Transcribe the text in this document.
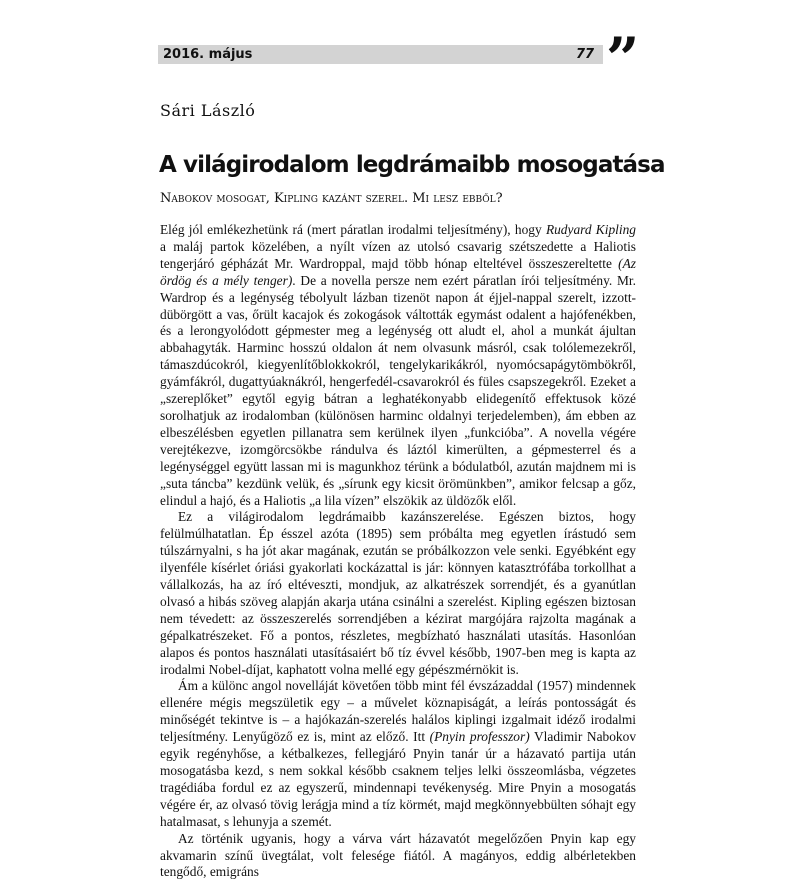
2016. május	77 ”
Sári László
A világirodalom legdrámaibb mosogatása
Nabokov mosogat, Kipling kazánt szerel. Mi lesz ebből?

Elég jól emlékezhetünk rá (mert páratlan irodalmi teljesítmény), hogy Rudyard Kipling a maláj partok közelében, a nyílt vízen az utolsó csavarig szétszedette a Haliotis tengerjáró gépházát Mr. Wardroppal, majd több hónap elteltével összeszereltette (Az ördög és a mély tenger). De a novella persze nem ezért páratlan írói teljesítmény. Mr. Wardrop és a legénység tébolyult lázban tizenöt napon át éjjel-nappal szerelt, izzott-dübörgött a vas, őrült kacajok és zokogások váltották egymást odalent a hajófenékben, és a lerongyolódott gépmester meg a legénység ott aludt el, ahol a munkát ájultan abbahagyták. Harminc hosszú oldalon át nem olvasunk másról, csak tolólemezekről, támaszdúcokról, kiegyenlítőblokkokról, tengelykarikákról, nyomócsapágytömbökről, gyámfákról, dugattyúaknákról, hengerfedél-csavarokról és füles csapszegekről. Ezeket a „szereplőket” egytől egyig bátran a leghatékonyabb elidegenítő effektusok közé sorolhatjuk az irodalomban (különösen harminc oldalnyi terjedelemben), ám ebben az elbeszélésben egyetlen pillanatra sem kerülnek ilyen „funkcióba”. A novella végére verejtékezve, izomgörcsökbe rándulva és láztól kimerülten, a gépmesterrel és a legénységgel együtt lassan mi is magunkhoz térünk a bódulatból, azután majdnem mi is „suta táncba” kezdünk velük, és „sírunk egy kicsit örömünkben”, amikor felcsap a gőz, elindul a hajó, és a Haliotis „a lila vízen” elszökik az üldözők elől.

Ez a világirodalom legdrámaibb kazánszerelése. Egészen biztos, hogy felülmúlhatatlan. Ép ésszel azóta (1895) sem próbálta meg egyetlen írástudó sem túlszárnyalni, s ha jót akar magának, ezután se próbálkozzon vele senki. Egyébként egy ilyenféle kísérlet óriási gyakorlati kockázattal is jár: könnyen katasztrófába torkollhat a vállalkozás, ha az író eltéveszti, mondjuk, az alkatrészek sorrendjét, és a gyanútlan olvasó a hibás szöveg alapján akarja utána csinálni a szerelést. Kipling egészen biztosan nem tévedett: az összeszerelés sorrendjében a kézirat margójára rajzolta magának a gépalkatrészeket. Fő a pontos, részletes, megbízható használati utasítás. Hasonlóan alapos és pontos használati utasításaiért bő tíz évvel később, 1907-ben meg is kapta az irodalmi Nobel-díjat, kaphatott volna mellé egy gépészmérnökit is.

Ám a különc angol novelláját követően több mint fél évszázaddal (1957) mindennek ellenére mégis megszületik egy – a művelet köznapiságát, a leírás pontosságát és minőségét tekintve is – a hajókazán-szerelés halálos kiplingi izgalmait idéző irodalmi teljesítmény. Lenyűgöző ez is, mint az előző. Itt (Pnyin professzor) Vladimir Nabokov egyik regényhőse, a kétbalkezes, fellegjáró Pnyin tanár úr a házavató partija után mosogatásba kezd, s nem sokkal később csaknem teljes lelki összeomlásba, végzetes tragédiába fordul ez az egyszerű, mindennapi tevékenység. Mire Pnyin a mosogatás végére ér, az olvasó tövig lerágja mind a tíz körmét, majd megkönnyebbülten sóhajt egy hatalmasat, s lehunyja a szemét.

Az történik ugyanis, hogy a várva várt házavatót megelőzően Pnyin kap egy akvamarin színű üvegtálat, volt felesége fiától. A magányos, eddig albérletekben tengődő, emigráns
